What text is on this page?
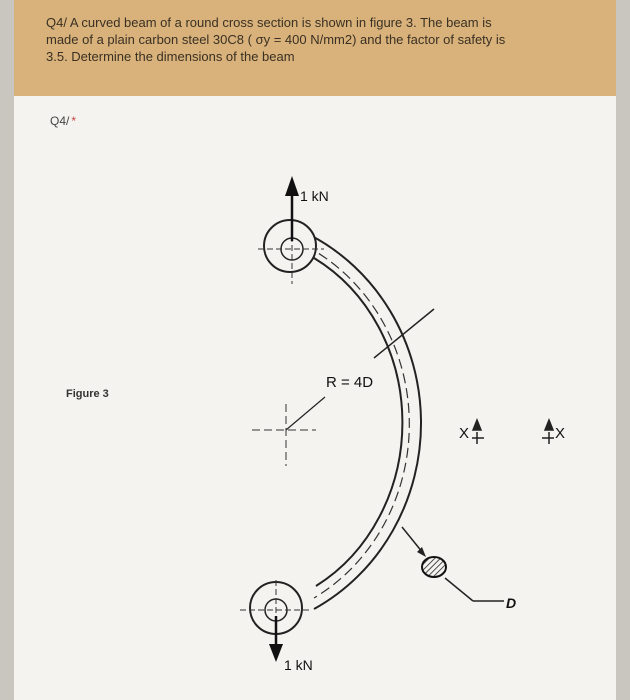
Q4/ A curved beam of a round cross section is shown in figure 3. The beam is
made of a plain carbon steel 30C8 ( σy = 400 N/mm2) and the factor of safety is
3.5. Determine the dimensions of the beam

Q4/ *
Figure 3
1 kN
1 kN
R = 4D
X	X
D
